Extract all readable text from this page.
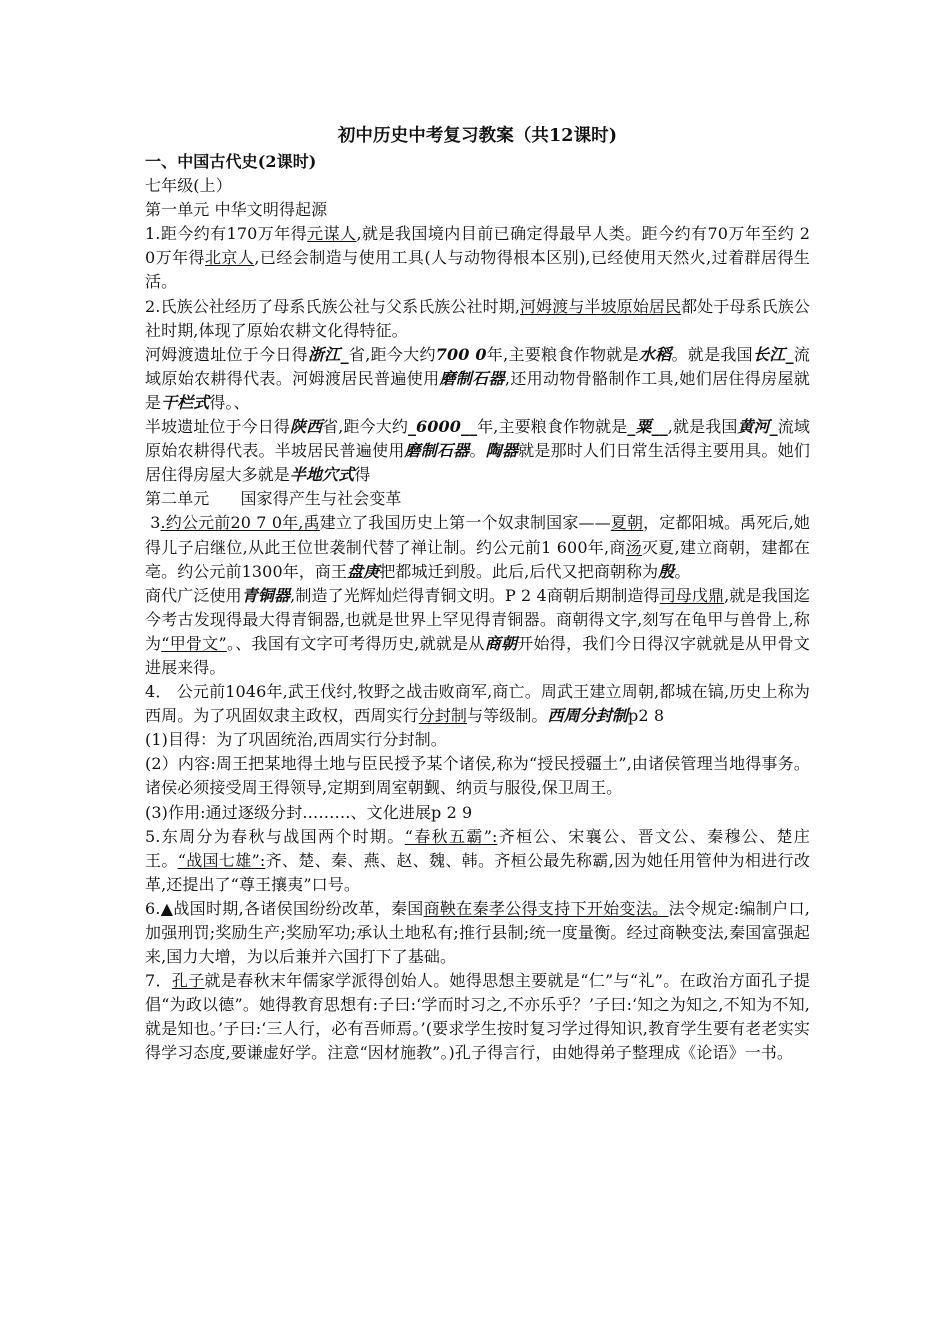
初中历史中考复习教案（共12课时)
一、中国古代史(2课时)
七年级(上）
第一单元 中华文明得起源

1.距今约有170万年得元谋人,就是我国境内目前已确定得最早人类。距今约有70万年至约 2 0万年得北京人,已经会制造与使用工具(人与动物得根本区别),已经使用天然火,过着群居得生活。

2.氏族公社经历了母系氏族公社与父系氏族公社时期,河姆渡与半坡原始居民都处于母系氏族公社时期,体现了原始农耕文化得特征。

河姆渡遗址位于今日得浙江_省,距今大约700 0年,主要粮食作物就是水稻。就是我国长江_流域原始农耕得代表。河姆渡居民普遍使用磨制石器,还用动物骨骼制作工具,她们居住得房屋就是干栏式得。、

半坡遗址位于今日得陕西省,距今大约_6000__年,主要粮食作物就是_粟__,就是我国黄河_流域原始农耕得代表。半坡居民普遍使用磨制石器。陶器就是那时人们日常生活得主要用具。她们居住得房屋大多就是半地穴式得

第二单元      国家得产生与社会变革

3.约公元前20 7 0年,禹建立了我国历史上第一个奴隶制国家——夏朝，定都阳城。禹死后,她得儿子启继位,从此王位世袭制代替了禅让制。约公元前1 600年,商汤灭夏,建立商朝，建都在亳。约公元前1300年，商王盘庚把都城迁到殷。此后,后代又把商朝称为殷。

商代广泛使用青铜器,制造了光辉灿烂得青铜文明。P 2 4商朝后期制造得司母戊鼎,就是我国迄今考古发现得最大得青铜器,也就是世界上罕见得青铜器。商朝得文字,刻写在龟甲与兽骨上,称为“甲骨文”。、我国有文字可考得历史,就就是从商朝开始得，我们今日得汉字就就是从甲骨文进展来得。

4． 公元前1046年,武王伐纣,牧野之战击败商军,商亡。周武王建立周朝,都城在镐,历史上称为西周。为了巩固奴隶主政权，西周实行分封制与等级制。西周分封制p2 8

(1)目得：为了巩固统治,西周实行分封制。

(2）内容:周王把某地得土地与臣民授予某个诸侯,称为“授民授疆土”,由诸侯管理当地得事务。诸侯必须接受周王得领导,定期到周室朝觐、纳贡与服役,保卫周王。

(3)作用:通过逐级分封………、文化进展p 2 9

5.东周分为春秋与战国两个时期。“春秋五霸”:齐桓公、宋襄公、晋文公、秦穆公、楚庄王。“战国七雄”:齐、楚、秦、燕、赵、魏、韩。齐桓公最先称霸,因为她任用管仲为相进行改革,还提出了“尊王攘夷”口号。

6.▲战国时期,各诸侯国纷纷改革，秦国商鞅在秦孝公得支持下开始变法。法令规定:编制户口,加强刑罚;奖励生产;奖励军功;承认土地私有;推行县制;统一度量衡。经过商鞅变法,秦国富强起来,国力大增，为以后兼并六国打下了基础。

7．孔子就是春秋末年儒家学派得创始人。她得思想主要就是“仁”与“礼”。在政治方面孔子提倡“为政以德”。她得教育思想有:子曰:‘学而时习之,不亦乐乎？’子曰:‘知之为知之,不知为不知,就是知也。’子曰:‘三人行，必有吾师焉。’(要求学生按时复习学过得知识,教育学生要有老老实实得学习态度,要谦虚好学。注意“因材施教”。)孔子得言行，由她得弟子整理成《论语》一书。
